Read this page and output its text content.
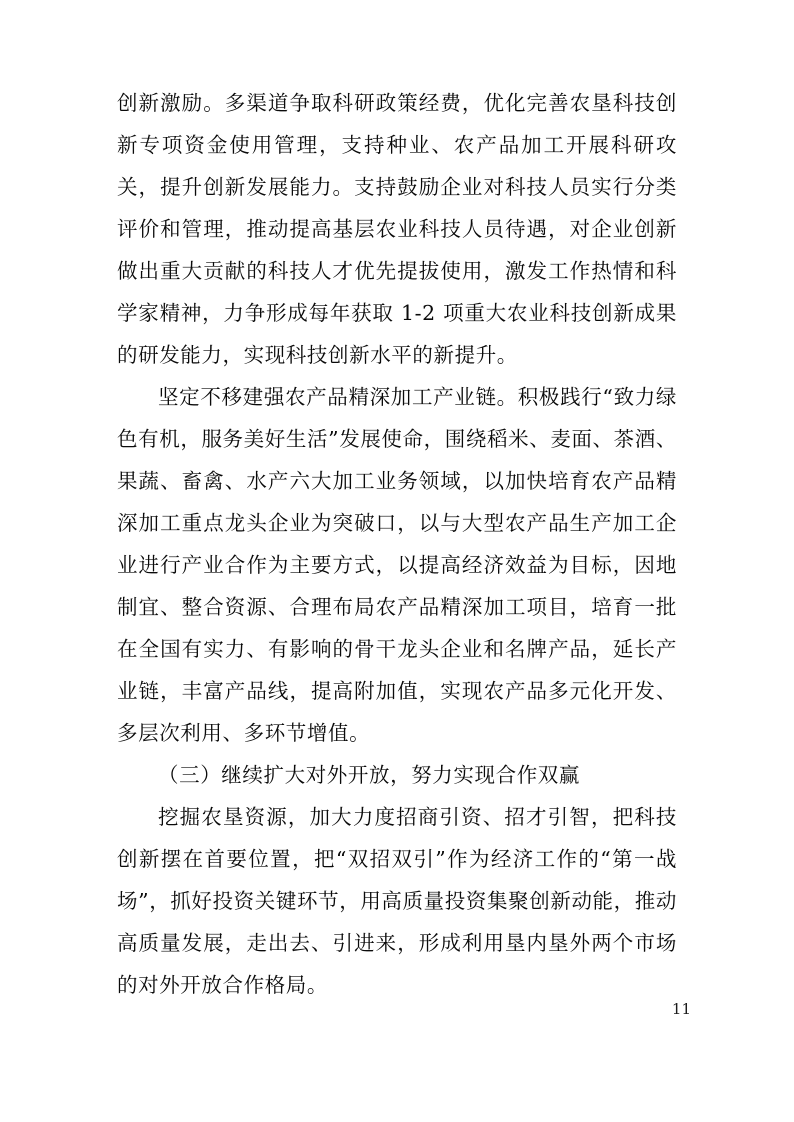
创新激励。多渠道争取科研政策经费，优化完善农垦科技创新专项资金使用管理，支持种业、农产品加工开展科研攻关，提升创新发展能力。支持鼓励企业对科技人员实行分类评价和管理，推动提高基层农业科技人员待遇，对企业创新做出重大贡献的科技人才优先提拔使用，激发工作热情和科学家精神，力争形成每年获取 1-2 项重大农业科技创新成果的研发能力，实现科技创新水平的新提升。

坚定不移建强农产品精深加工产业链。积极践行“致力绿色有机，服务美好生活”发展使命，围绕稻米、麦面、茶酒、果蔬、畜禽、水产六大加工业务领域，以加快培育农产品精深加工重点龙头企业为突破口，以与大型农产品生产加工企业进行产业合作为主要方式，以提高经济效益为目标，因地制宜、整合资源、合理布局农产品精深加工项目，培育一批在全国有实力、有影响的骨干龙头企业和名牌产品，延长产业链，丰富产品线，提高附加值，实现农产品多元化开发、多层次利用、多环节增值。

（三）继续扩大对外开放，努力实现合作双赢

挖掘农垦资源，加大力度招商引资、招才引智，把科技创新摆在首要位置，把“双招双引”作为经济工作的“第一战场”，抓好投资关键环节，用高质量投资集聚创新动能，推动高质量发展，走出去、引进来，形成利用垦内垦外两个市场的对外开放合作格局。

11
